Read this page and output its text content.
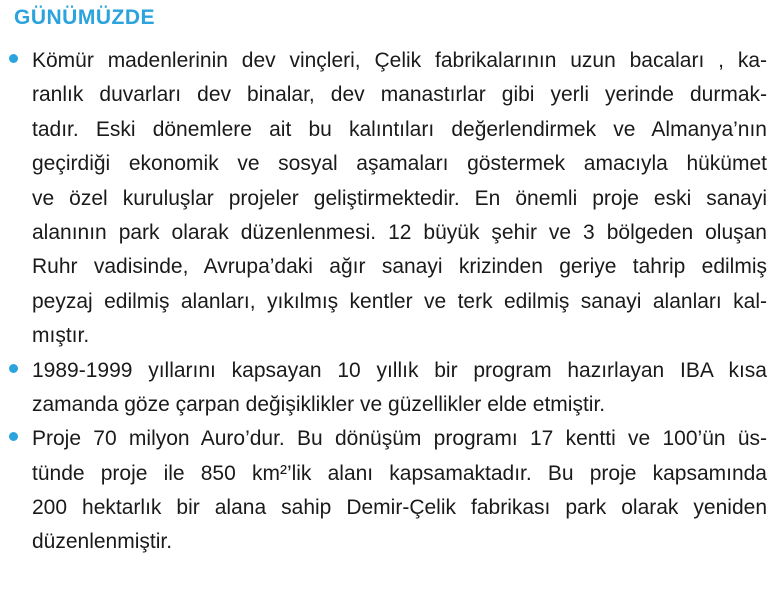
GÜNÜMÜZDE
Kömür madenlerinin dev vinçleri, Çelik fabrikalarının uzun bacaları , ka-
ranlık duvarları dev binalar, dev manastırlar gibi yerli yerinde durmak-
tadır. Eski dönemlere ait bu kalıntıları değerlendirmek ve Almanya’nın
geçirdiği ekonomik ve sosyal aşamaları göstermek amacıyla hükümet
ve özel kuruluşlar projeler geliştirmektedir. En önemli proje eski sanayi
alanının park olarak düzenlenmesi. 12 büyük şehir ve 3 bölgeden oluşan
Ruhr vadisinde, Avrupa’daki ağır sanayi krizinden geriye tahrip edilmiş
peyzaj edilmiş alanları, yıkılmış kentler ve terk edilmiş sanayi alanları kal-
mıştır.
1989-1999 yıllarını kapsayan 10 yıllık bir program hazırlayan IBA kısa
zamanda göze çarpan değişiklikler ve güzellikler elde etmiştir.
Proje 70 milyon Auro’dur. Bu dönüşüm programı 17 kentti ve 100’ün üs-
tünde proje ile 850 km²’lik alanı kapsamaktadır. Bu proje kapsamında
200 hektarlık bir alana sahip Demir-Çelik fabrikası park olarak yeniden
düzenlenmiştir.
